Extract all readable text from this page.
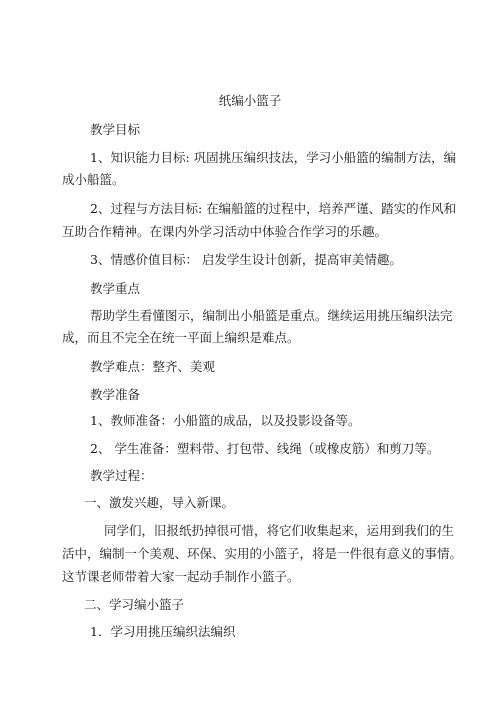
纸编小篮子
教学目标
1、知识能力目标: 巩固挑压编织技法，学习小船篮的编制方法，编
成小船篮。
2、过程与方法目标: 在编船篮的过程中，培养严谨、踏实的作风和
互助合作精神。在课内外学习活动中体验合作学习的乐趣。
3、情感价值目标： 启发学生设计创新，提高审美情趣。
教学重点
帮助学生看懂图示，编制出小船篮是重点。继续运用挑压编织法完
成，而且不完全在统一平面上编织是难点。
教学难点：整齐、美观
教学准备
1、教师准备：小船篮的成品，以及投影设备等。
2、 学生准备：塑料带、打包带、线绳（或橡皮筋）和剪刀等。
教学过程：
一、激发兴趣，导入新课。
同学们，旧报纸扔掉很可惜，将它们收集起来，运用到我们的生
活中，编制一个美观、环保、实用的小篮子，将是一件很有意义的事情。
这节课老师带着大家一起动手制作小篮子。
二、学习编小篮子
1．学习用挑压编织法编织
